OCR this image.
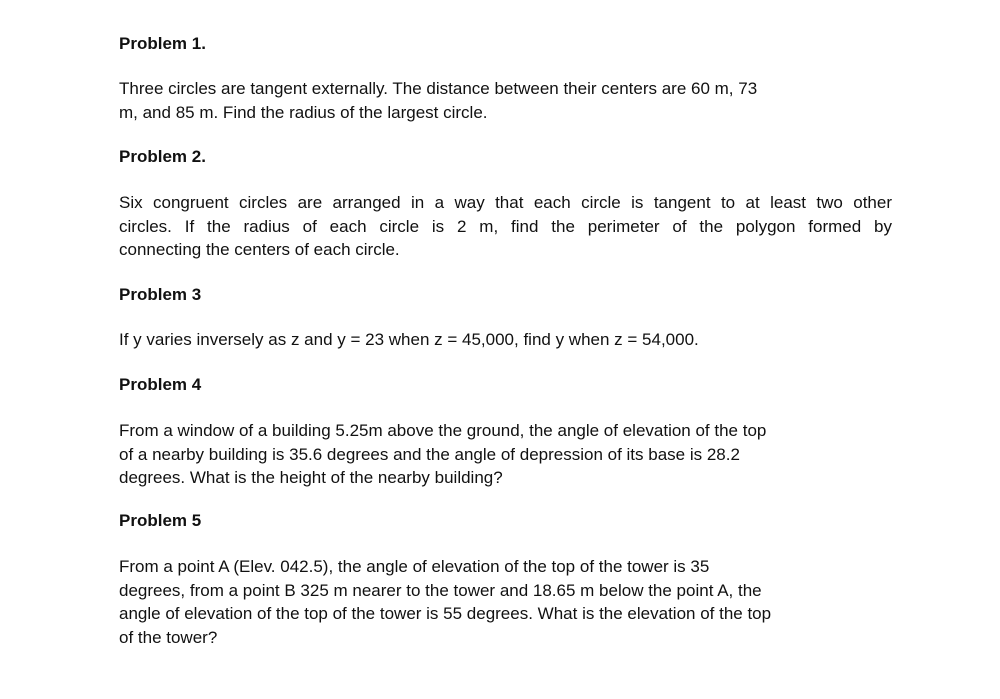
Problem 1.
Three circles are tangent externally. The distance between their centers are 60 m, 73
m, and 85 m. Find the radius of the largest circle.
Problem 2.
Six congruent circles are arranged in a way that each circle is tangent to at least two other
circles. If the radius of each circle is 2 m, find the perimeter of the polygon formed by
connecting the centers of each circle.
Problem 3
If y varies inversely as z and y = 23 when z = 45,000, find y when z = 54,000.
Problem 4
From a window of a building 5.25m above the ground, the angle of elevation of the top
of a nearby building is 35.6 degrees and the angle of depression of its base is 28.2
degrees. What is the height of the nearby building?
Problem 5
From a point A (Elev. 042.5), the angle of elevation of the top of the tower is 35
degrees, from a point B 325 m nearer to the tower and 18.65 m below the point A, the
angle of elevation of the top of the tower is 55 degrees. What is the elevation of the top
of the tower?
